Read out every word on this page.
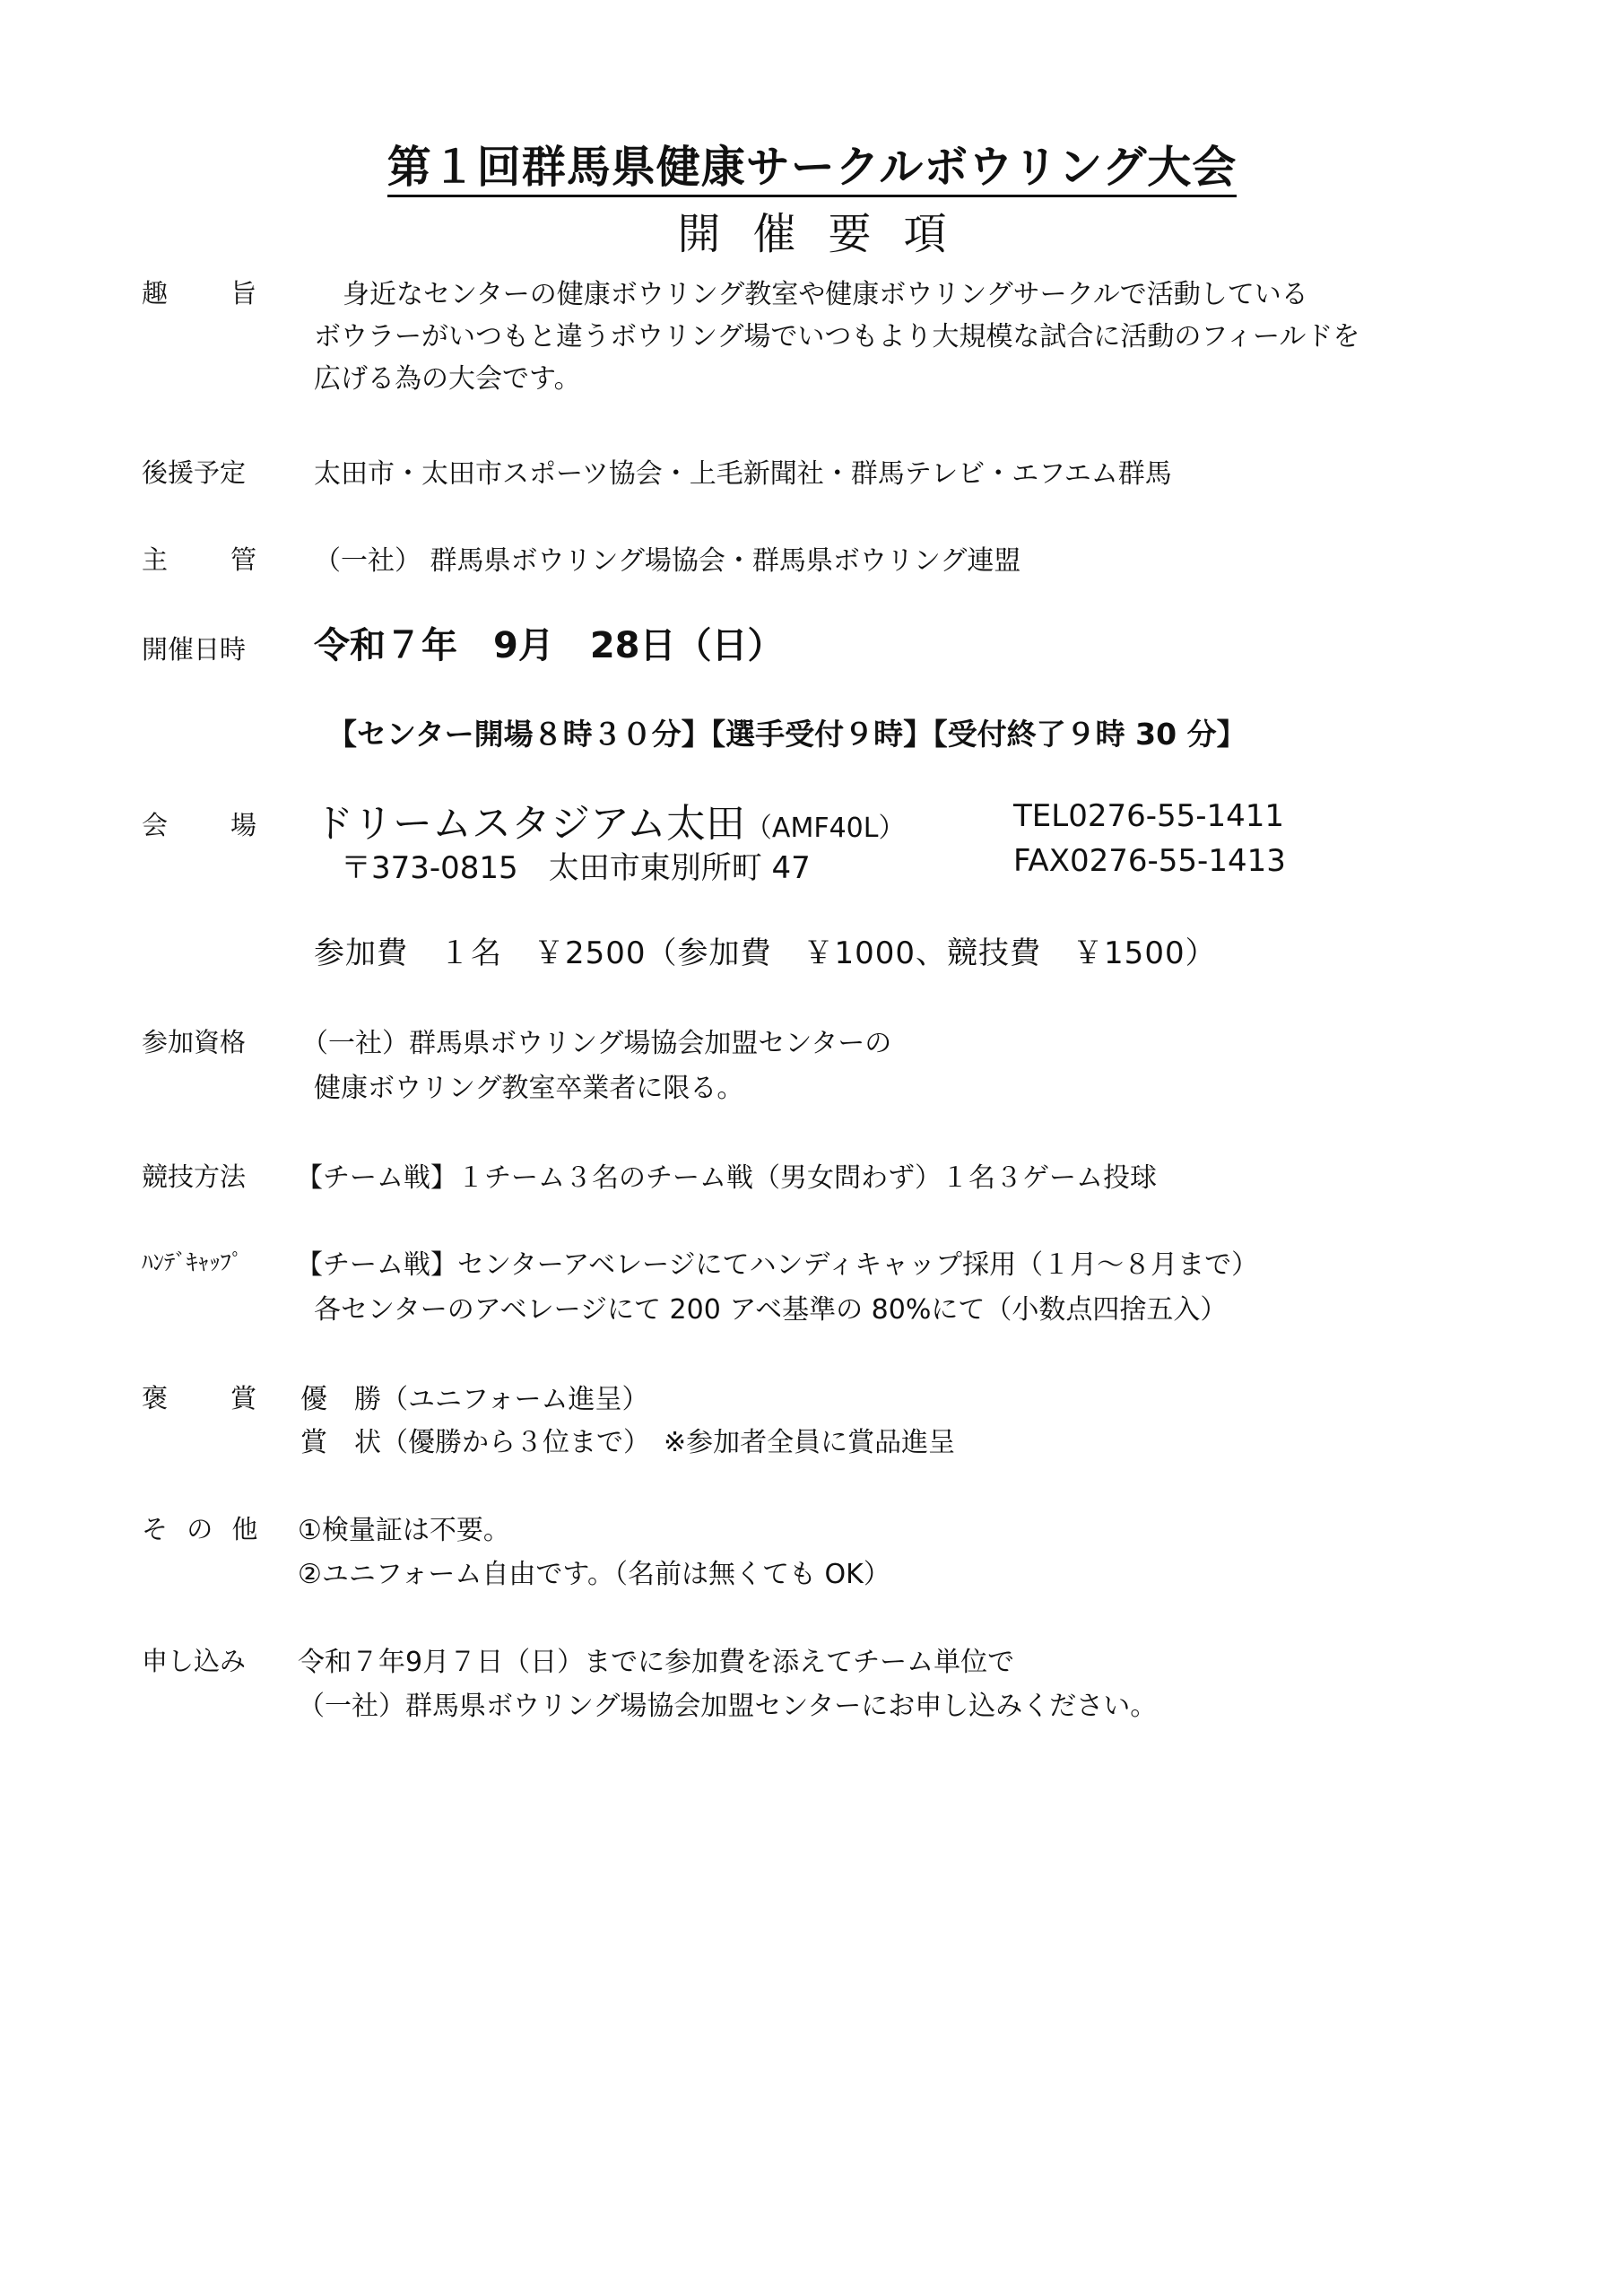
第１回群馬県健康サークルボウリング大会
開催要項
趣 旨	身近なセンターの健康ボウリング教室や健康ボウリングサークルで活動している
ボウラーがいつもと違うボウリング場でいつもより大規模な試合に活動のフィールドを
広げる為の大会です。
後援予定	太田市・太田市スポーツ協会・上毛新聞社・群馬テレビ・エフエム群馬
主 管 （一社） 群馬県ボウリング場協会・群馬県ボウリング連盟
開催日時	令和７年　9月　28日（日）
【センター開場８時３０分】【選手受付９時】【受付終了９時 30 分】
会 場 ドリームスタジアム太田（AMF40L）	TEL0276-55-1411
〒373-0815　太田市東別所町 47	FAX0276-55-1413
参加費　１名　￥2500（参加費　￥1000、競技費　￥1500）
参加資格	（一社）群馬県ボウリング場協会加盟センターの
健康ボウリング教室卒業者に限る。
競技方法	【チーム戦】１チーム３名のチーム戦（男女問わず）１名３ゲーム投球
ﾊﾝﾃﾞｷｬｯﾌﾟ	【チーム戦】センターアベレージにてハンディキャップ採用（１月～８月まで）
各センターのアベレージにて 200 アベ基準の 80%にて（小数点四捨五入）
褒 賞 優　勝（ユニフォーム進呈）
賞　状（優勝から３位まで）　※参加者全員に賞品進呈
そ の 他 ①検量証は不要。
②ユニフォーム自由です。（名前は無くても OK）
申し込み	令和７年9月７日（日）までに参加費を添えてチーム単位で
（一社）群馬県ボウリング場協会加盟センターにお申し込みください。
